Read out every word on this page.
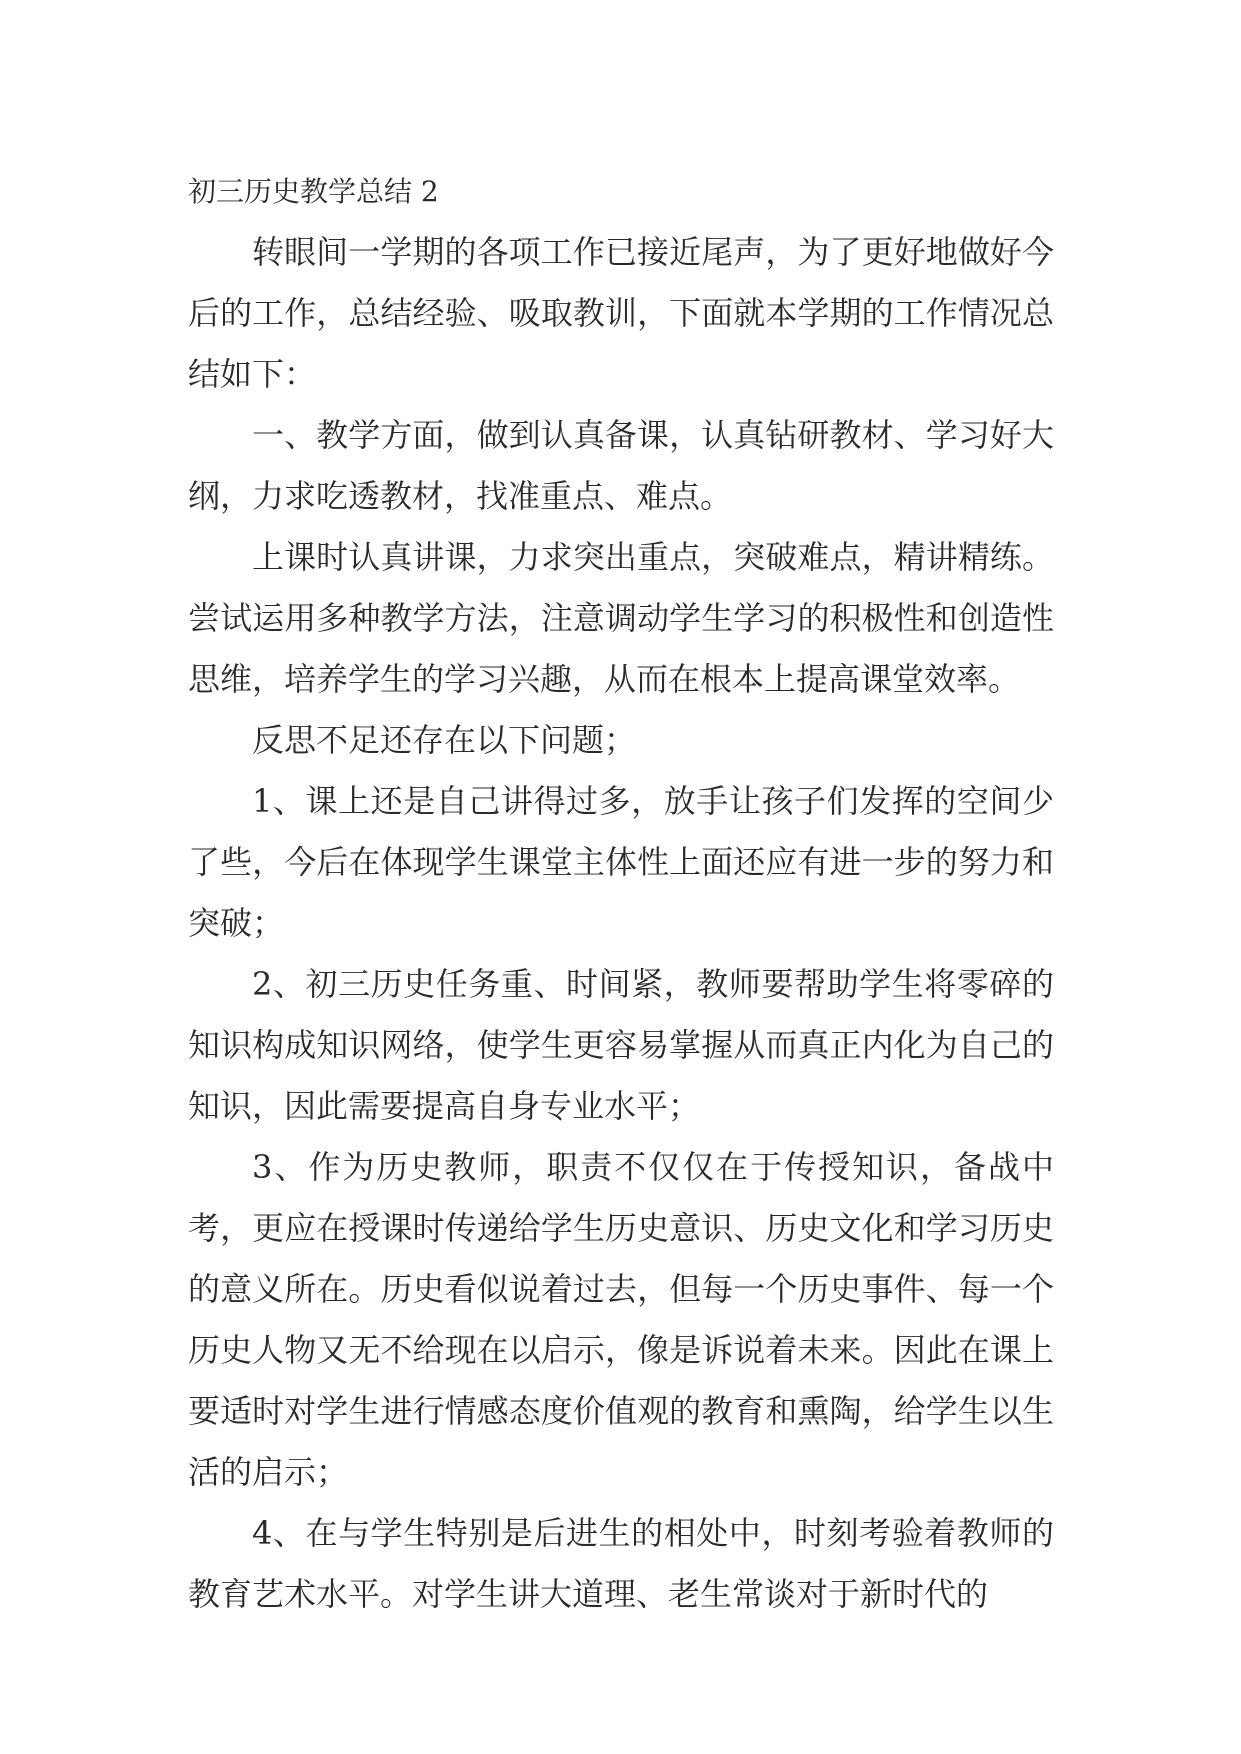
初三历史教学总结 2

转眼间一学期的各项工作已接近尾声，为了更好地做好今后的工作，总结经验、吸取教训，下面就本学期的工作情况总结如下：

一、教学方面，做到认真备课，认真钻研教材、学习好大纲，力求吃透教材，找准重点、难点。

上课时认真讲课，力求突出重点，突破难点，精讲精练。尝试运用多种教学方法，注意调动学生学习的积极性和创造性思维，培养学生的学习兴趣，从而在根本上提高课堂效率。

反思不足还存在以下问题；

1、课上还是自己讲得过多，放手让孩子们发挥的空间少了些，今后在体现学生课堂主体性上面还应有进一步的努力和突破；

2、初三历史任务重、时间紧，教师要帮助学生将零碎的知识构成知识网络，使学生更容易掌握从而真正内化为自己的知识，因此需要提高自身专业水平；

3、作为历史教师，职责不仅仅在于传授知识，备战中考，更应在授课时传递给学生历史意识、历史文化和学习历史的意义所在。历史看似说着过去，但每一个历史事件、每一个历史人物又无不给现在以启示，像是诉说着未来。因此在课上要适时对学生进行情感态度价值观的教育和熏陶，给学生以生活的启示；

4、在与学生特别是后进生的相处中，时刻考验着教师的教育艺术水平。对学生讲大道理、老生常谈对于新时代的
